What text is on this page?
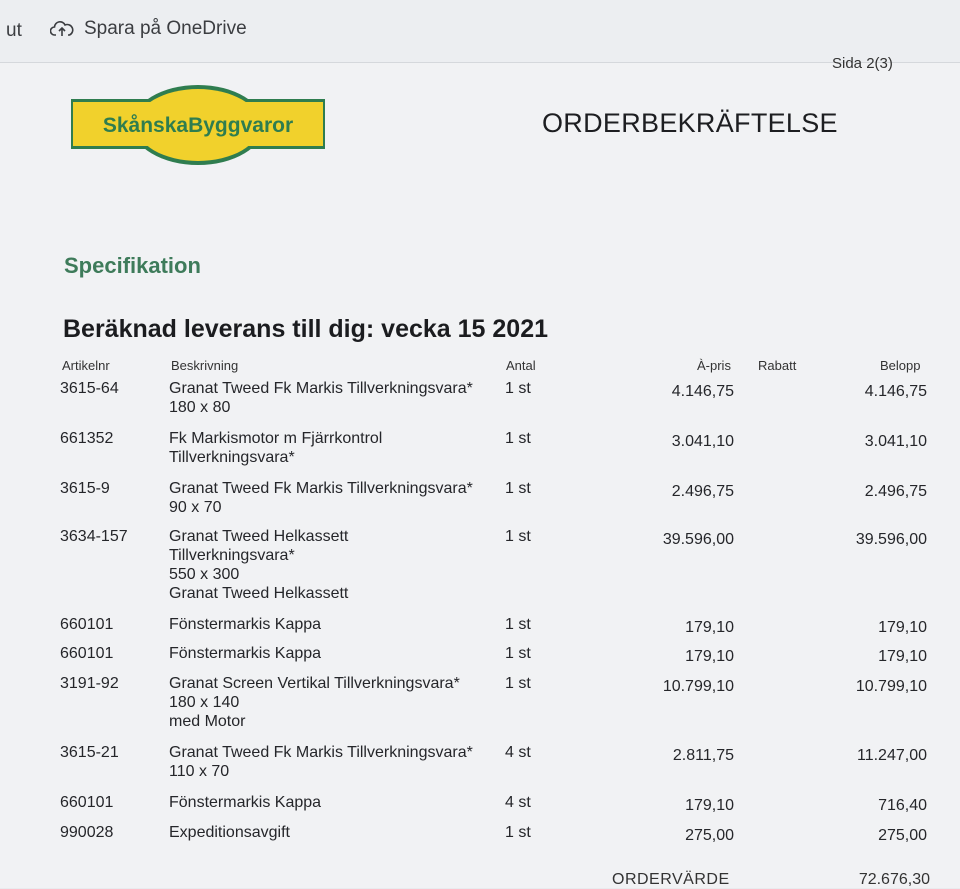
ut	Spara på OneDrive
Sida 2(3)
SkånskaByggvaror	ORDERBEKRÄFTELSE
Specifikation
Beräknad leverans till dig: vecka 15 2021
Artikelnr	Beskrivning	Antal	À-pris Rabatt	Belopp
3615-64	Granat Tweed Fk Markis Tillverkningsvara*
180 x 80
1 st	4.146,75	4.146,75
661352	Fk Markismotor m Fjärrkontrol
Tillverkningsvara*
1 st	3.041,10	3.041,10
3615-9	Granat Tweed Fk Markis Tillverkningsvara*
90 x 70
1 st	2.496,75	2.496,75
3634-157	Granat Tweed Helkassett
Tillverkningsvara*
550 x 300
Granat Tweed Helkassett
1 st	39.596,00	39.596,00
660101	Fönstermarkis Kappa	1 st	179,10	179,10
660101	Fönstermarkis Kappa	1 st	179,10	179,10
3191-92	Granat Screen Vertikal Tillverkningsvara*
180 x 140
med Motor
1 st	10.799,10	10.799,10
3615-21	Granat Tweed Fk Markis Tillverkningsvara*
110 x 70
4 st	2.811,75	11.247,00
660101	Fönstermarkis Kappa	4 st	179,10	716,40
990028	Expeditionsavgift	1 st	275,00	275,00
ORDERVÄRDE	72.676,30
